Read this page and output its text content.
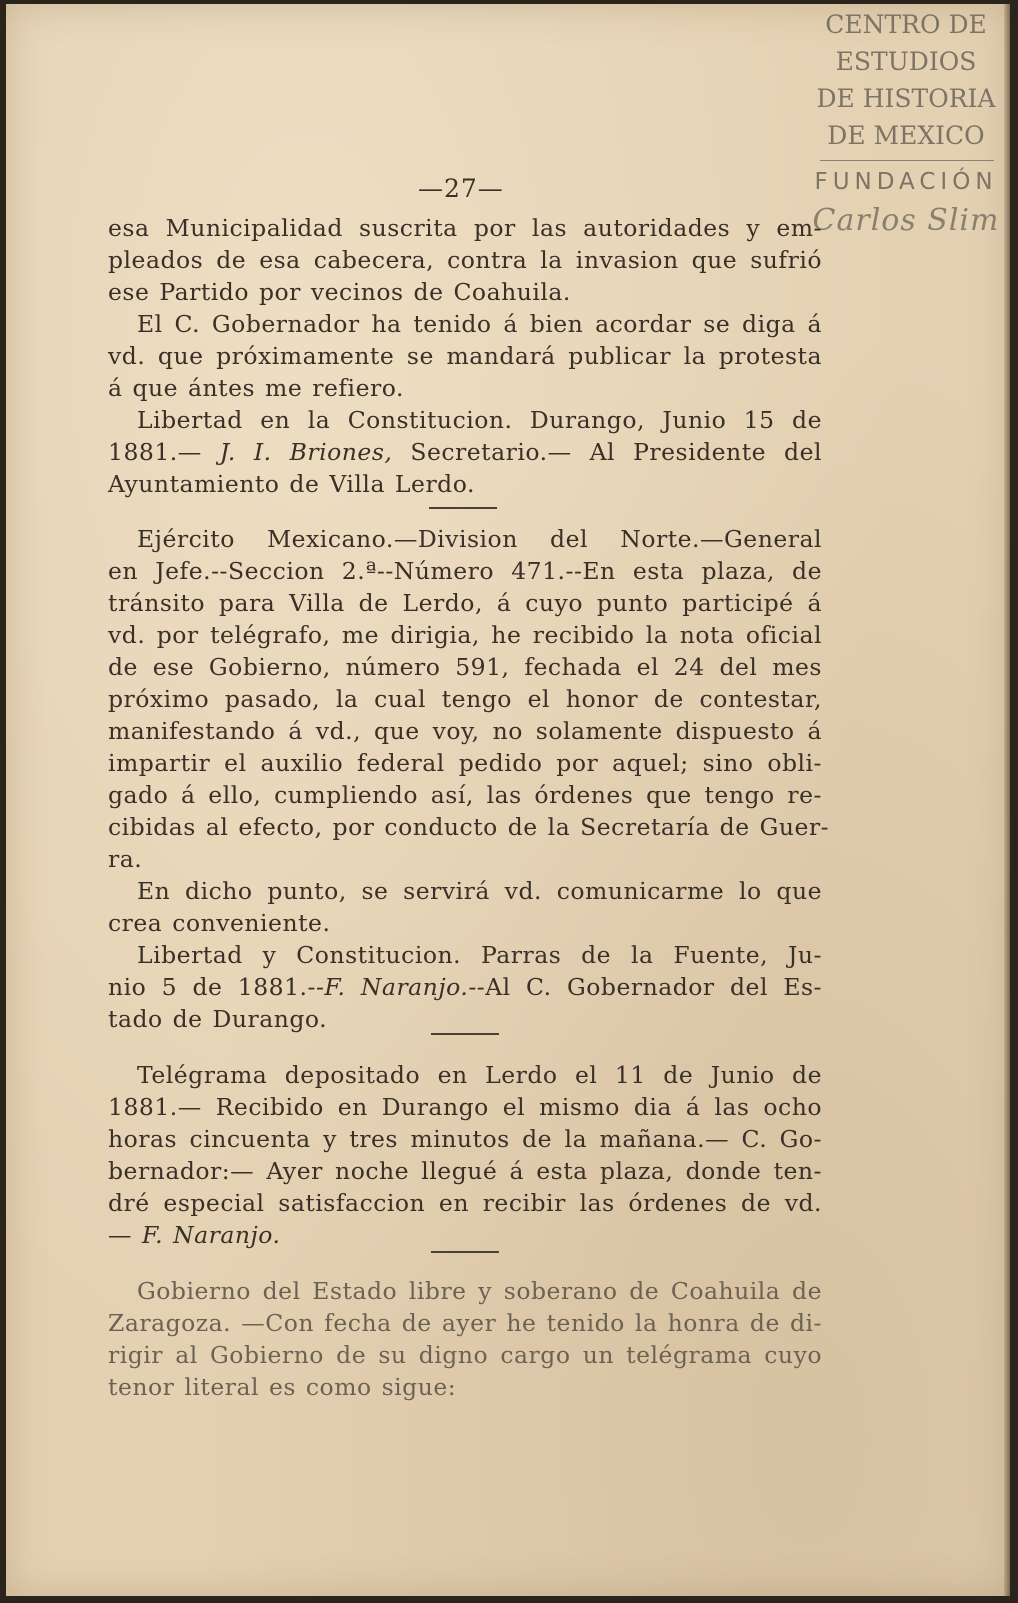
CENTRO DE
ESTUDIOS
DE HISTORIA
DE MEXICO
FUNDACIÓN
Carlos Slim
—27—
esa Municipalidad suscrita por las autoridades y em-
pleados de esa cabecera, contra la invasion que sufrió
ese Partido por vecinos de Coahuila.
El C. Gobernador ha tenido á bien acordar se diga á
vd. que próximamente se mandará publicar la protesta
á que ántes me refiero.
Libertad en la Constitucion. Durango, Junio 15 de
1881.— J. I. Briones, Secretario.— Al Presidente del
Ayuntamiento de Villa Lerdo.
Ejército Mexicano.—Division del Norte.—General
en Jefe.--Seccion 2.ª--Número 471.--En esta plaza, de
tránsito para Villa de Lerdo, á cuyo punto participé á
vd. por telégrafo, me dirigia, he recibido la nota oficial
de ese Gobierno, número 591, fechada el 24 del mes
próximo pasado, la cual tengo el honor de contestar,
manifestando á vd., que voy, no solamente dispuesto á
impartir el auxilio federal pedido por aquel; sino obli-
gado á ello, cumpliendo así, las órdenes que tengo re-
cibidas al efecto, por conducto de la Secretaría de Guer-
ra.
En dicho punto, se servirá vd. comunicarme lo que
crea conveniente.
Libertad y Constitucion. Parras de la Fuente, Ju-
nio 5 de 1881.--F. Naranjo.--Al C. Gobernador del Es-
tado de Durango.
Telégrama depositado en Lerdo el 11 de Junio de
1881.— Recibido en Durango el mismo dia á las ocho
horas cincuenta y tres minutos de la mañana.— C. Go-
bernador:— Ayer noche llegué á esta plaza, donde ten-
dré especial satisfaccion en recibir las órdenes de vd.
— F. Naranjo.
Gobierno del Estado libre y soberano de Coahuila de
Zaragoza. —Con fecha de ayer he tenido la honra de di-
rigir al Gobierno de su digno cargo un telégrama cuyo
tenor literal es como sigue:
